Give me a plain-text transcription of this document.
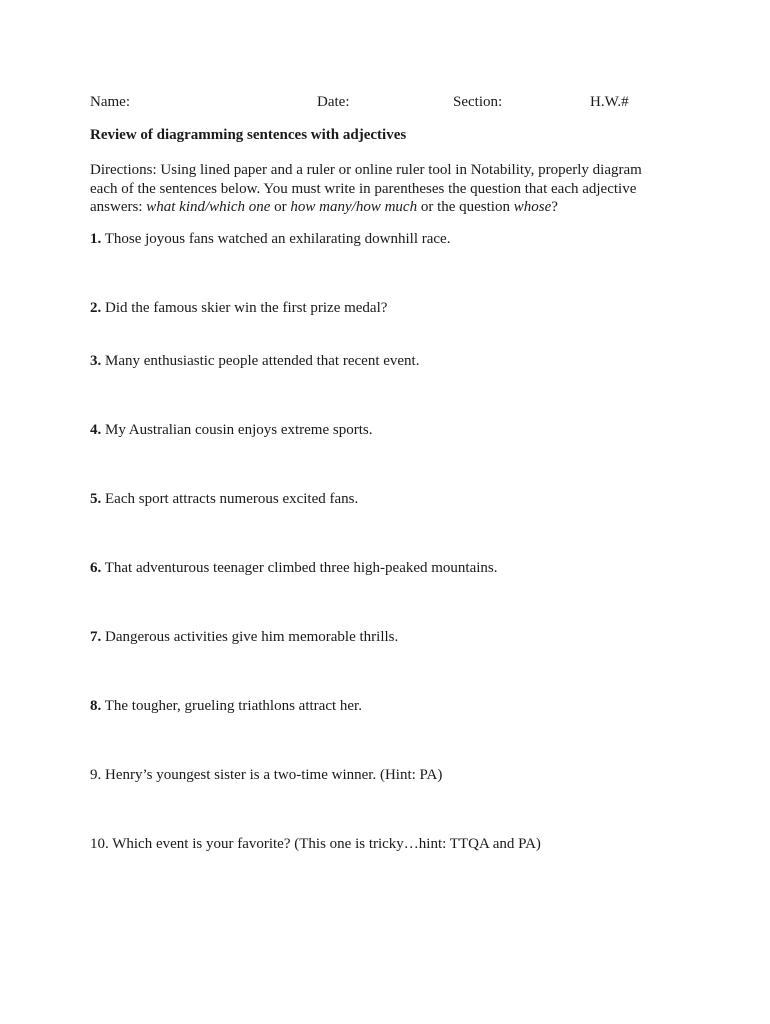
Name:	Date:	Section:	H.W.#
Review of diagramming sentences with adjectives
Directions: Using lined paper and a ruler or online ruler tool in Notability, properly diagram
each of the sentences below. You must write in parentheses the question that each adjective
answers: what kind/which one or how many/how much or the question whose?
1. Those joyous fans watched an exhilarating downhill race.
2. Did the famous skier win the first prize medal?
3. Many enthusiastic people attended that recent event.
4. My Australian cousin enjoys extreme sports.
5. Each sport attracts numerous excited fans.
6. That adventurous teenager climbed three high-peaked mountains.
7. Dangerous activities give him memorable thrills.
8. The tougher, grueling triathlons attract her.
9. Henry’s youngest sister is a two-time winner. (Hint: PA)
10. Which event is your favorite? (This one is tricky…hint: TTQA and PA)
